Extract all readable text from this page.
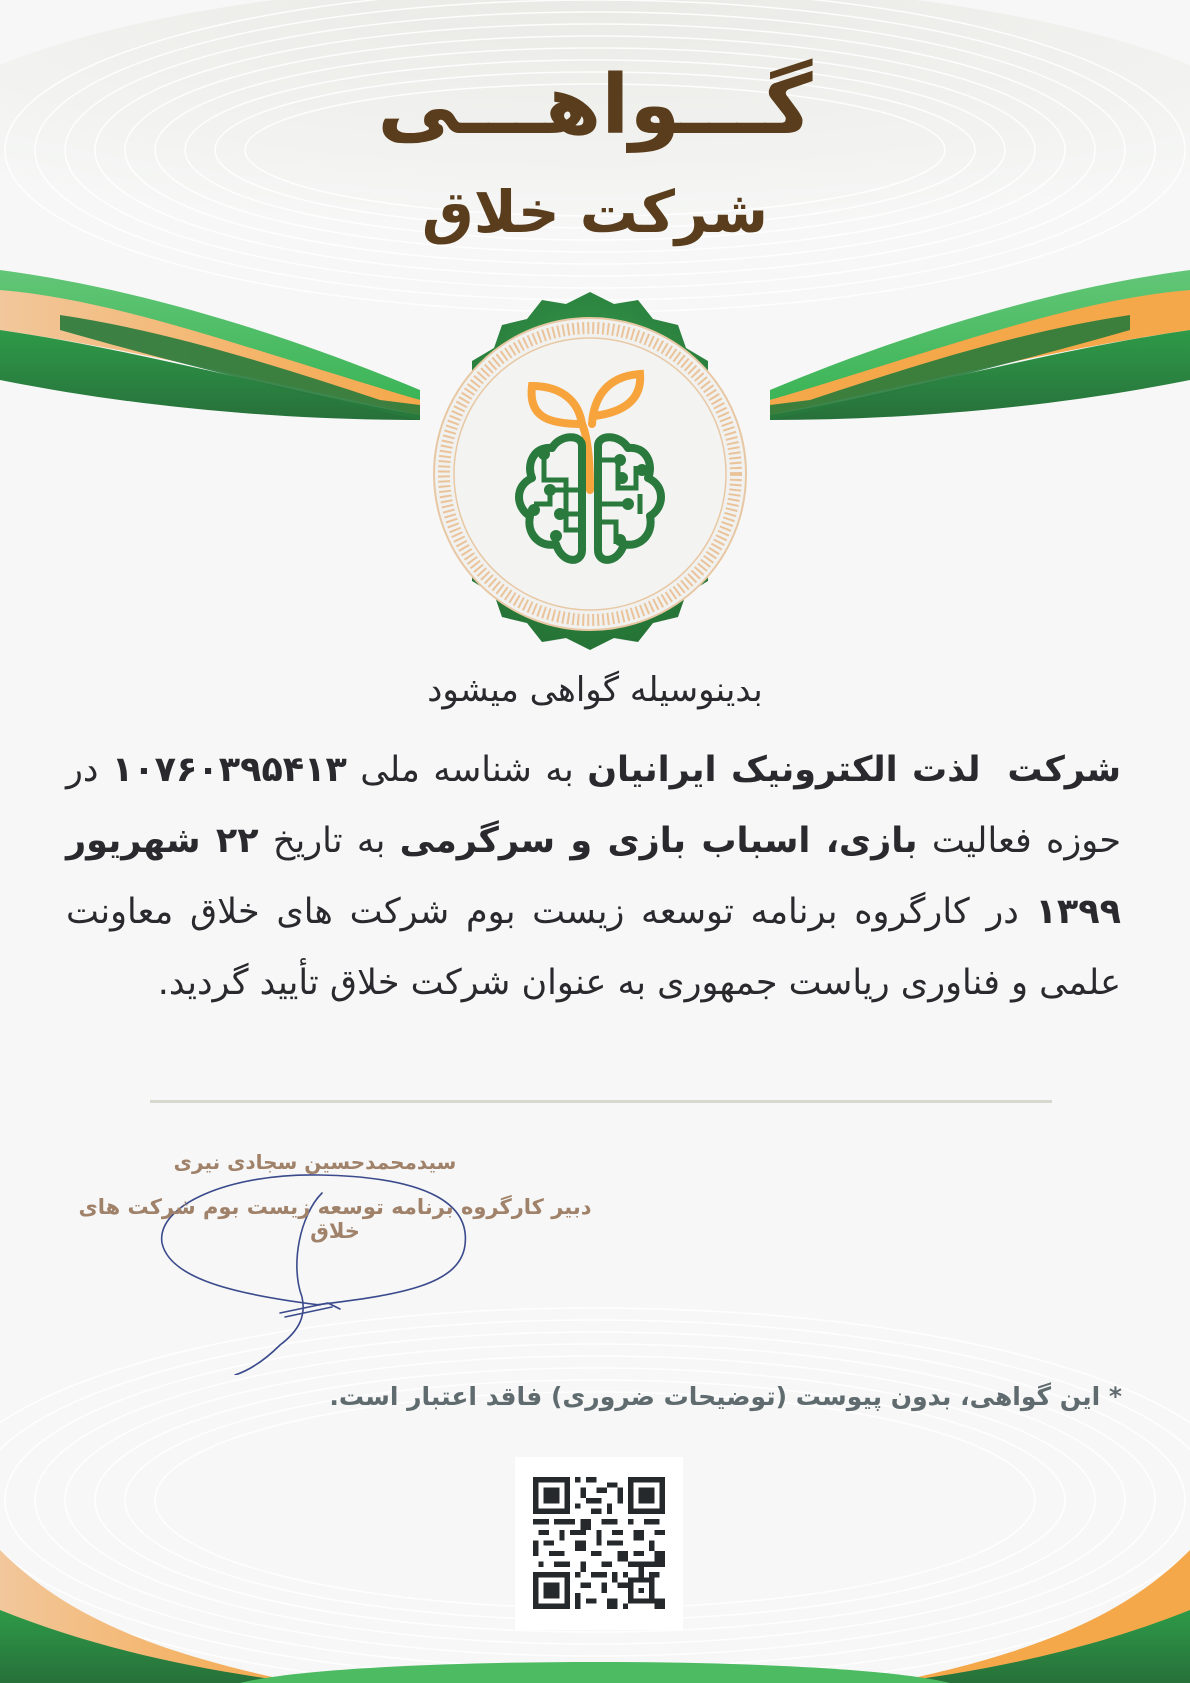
گـــواهـــی
شرکت خلاق
بدینوسیله گواهی میشود
شرکت  لذت الکترونیک ایرانیان به شناسه ملی ۱۰۷۶۰۳۹۵۴۱۳ در حوزه فعالیت بازی، اسباب بازی و سرگرمی به تاریخ ۲۲ شهریور ۱۳۹۹ در کارگروه برنامه توسعه زیست بوم شرکت های خلاق معاونت علمی و فناوری ریاست جمهوری به عنوان شرکت خلاق تأیید گردید.
سیدمحمدحسین سجادی نیری
دبیر کارگروه برنامه توسعه زیست بوم شرکت های خلاق
* این گواهی، بدون پیوست (توضیحات ضروری) فاقد اعتبار است.
